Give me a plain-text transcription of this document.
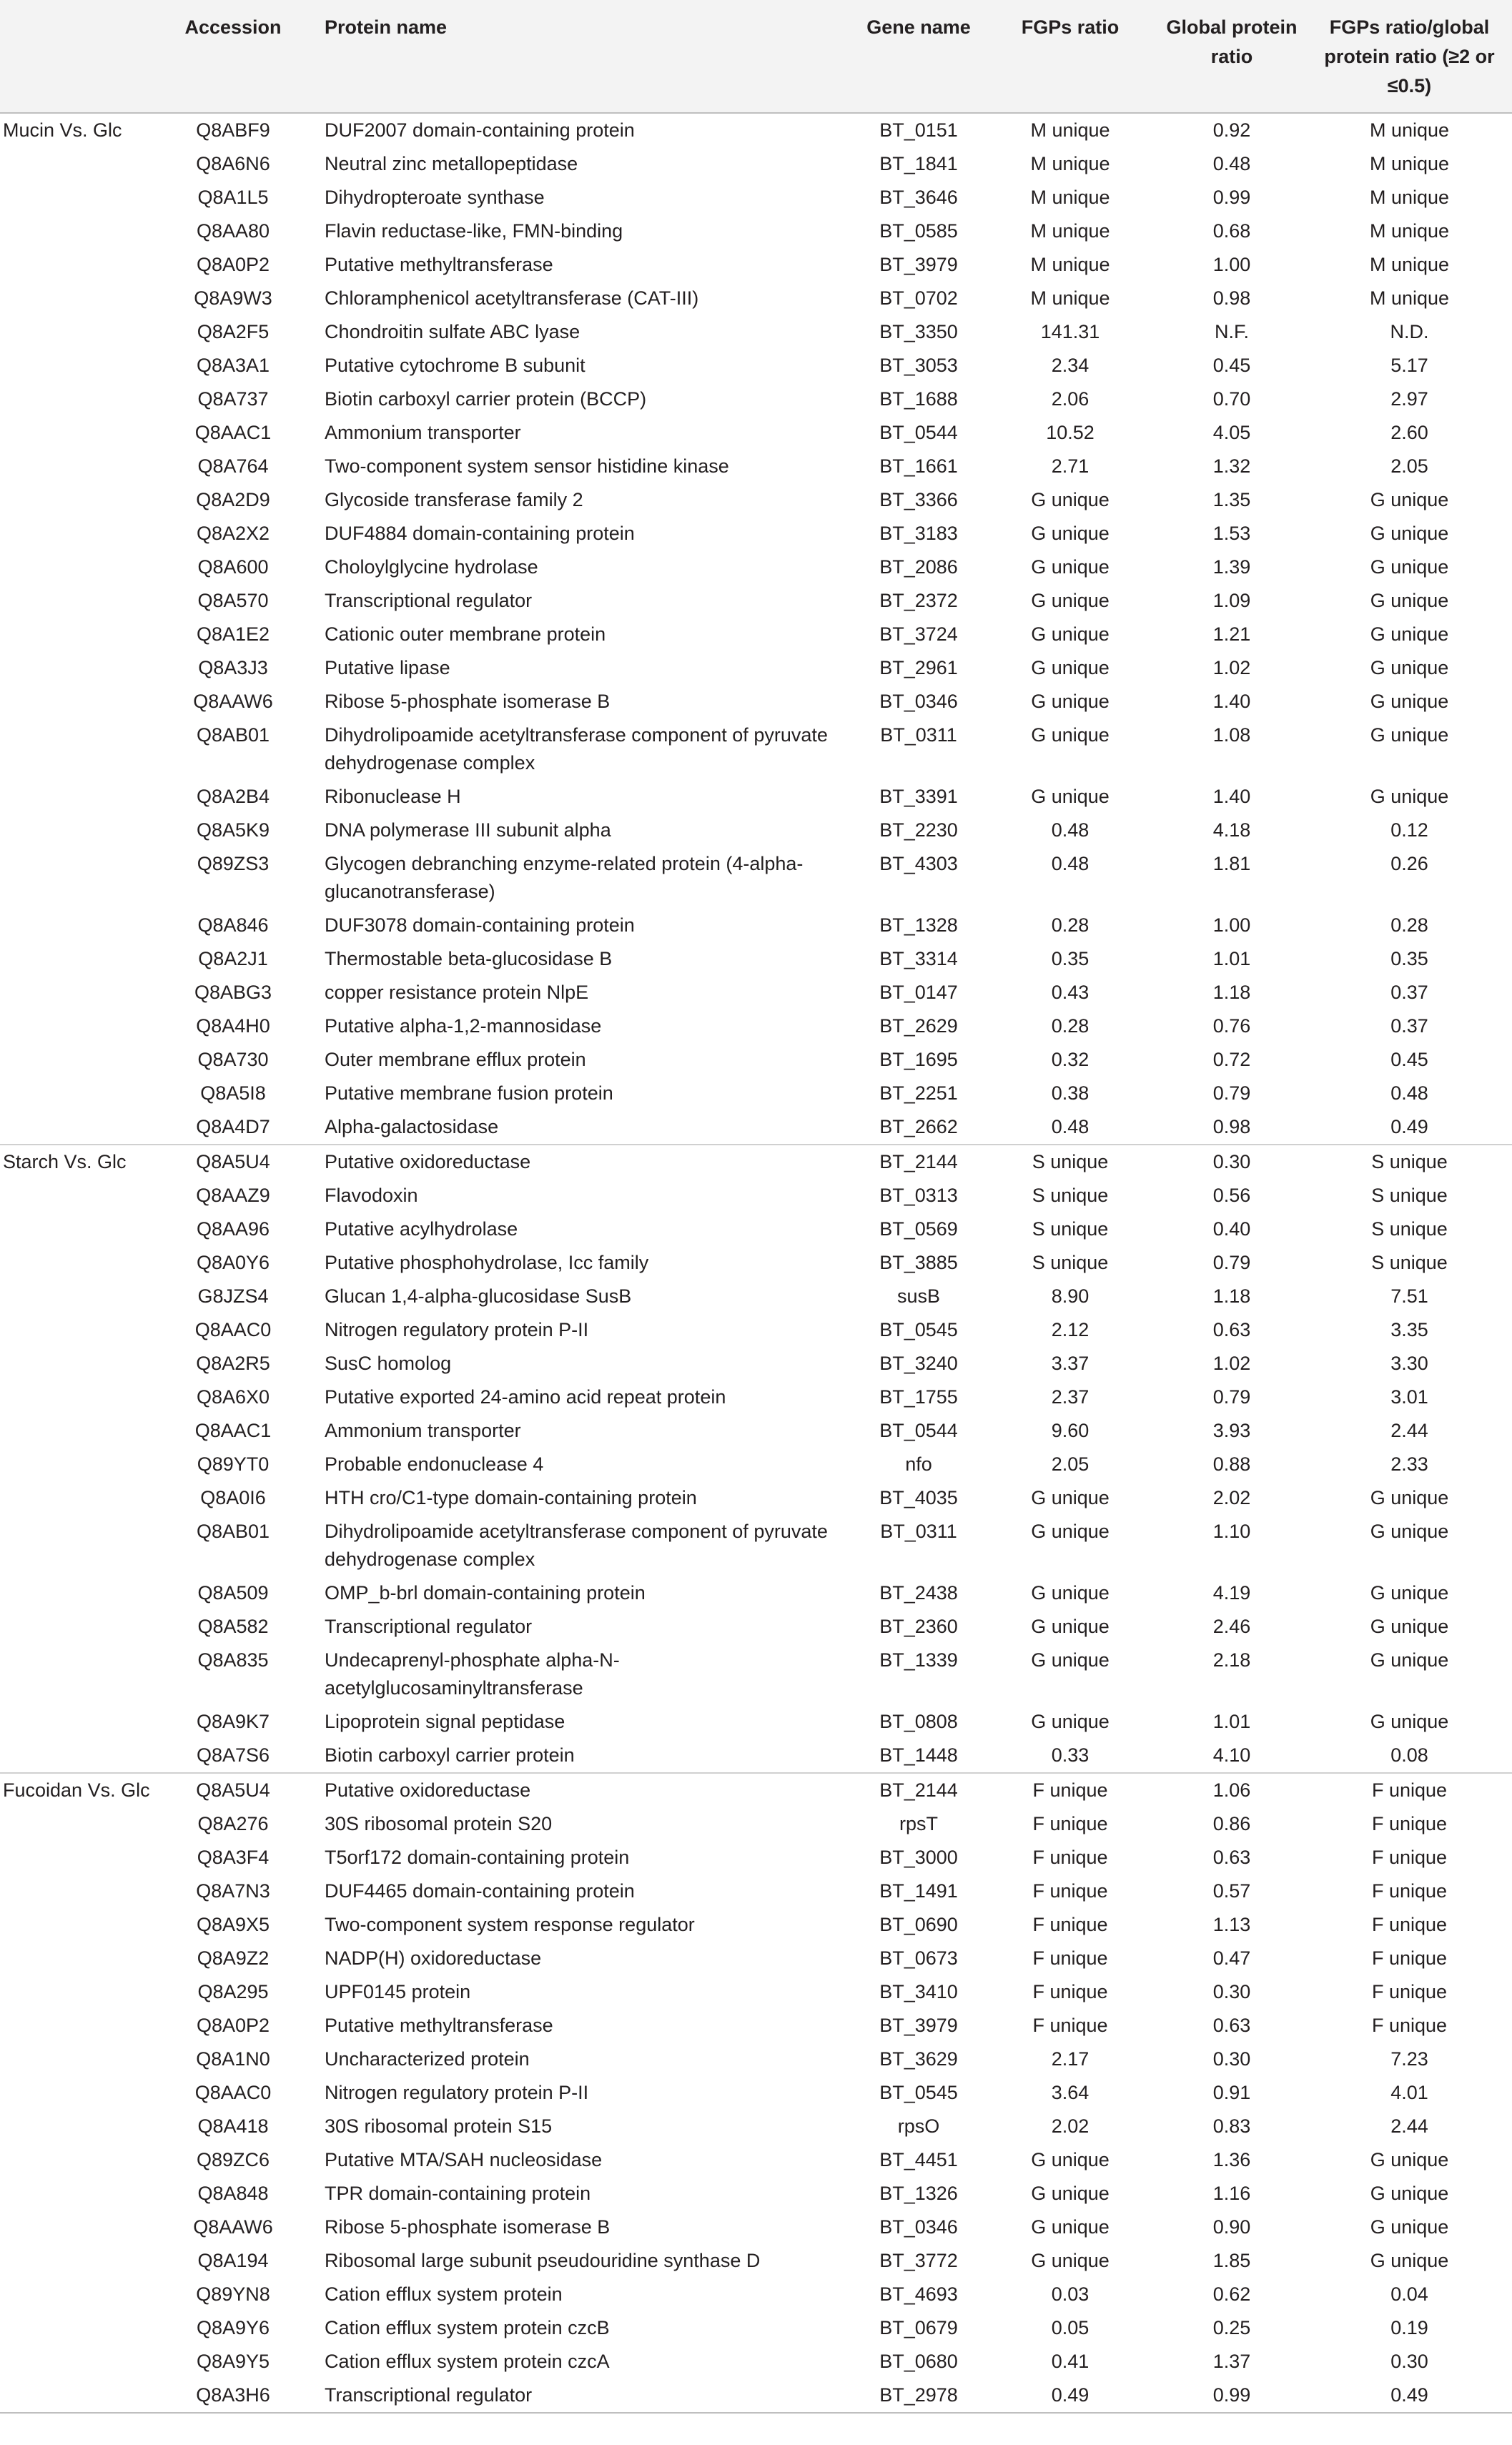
	Accession	Protein name	Gene name	FGPs ratio	Global protein ratio	FGPs ratio/global protein ratio (≥2 or ≤0.5)
Mucin Vs. Glc	Q8ABF9	DUF2007 domain-containing protein	BT_0151	M unique	0.92	M unique
	Q8A6N6	Neutral zinc metallopeptidase	BT_1841	M unique	0.48	M unique
	Q8A1L5	Dihydropteroate synthase	BT_3646	M unique	0.99	M unique
	Q8AA80	Flavin reductase-like, FMN-binding	BT_0585	M unique	0.68	M unique
	Q8A0P2	Putative methyltransferase	BT_3979	M unique	1.00	M unique
	Q8A9W3	Chloramphenicol acetyltransferase (CAT-III)	BT_0702	M unique	0.98	M unique
	Q8A2F5	Chondroitin sulfate ABC lyase	BT_3350	141.31	N.F.	N.D.
	Q8A3A1	Putative cytochrome B subunit	BT_3053	2.34	0.45	5.17
	Q8A737	Biotin carboxyl carrier protein (BCCP)	BT_1688	2.06	0.70	2.97
	Q8AAC1	Ammonium transporter	BT_0544	10.52	4.05	2.60
	Q8A764	Two-component system sensor histidine kinase	BT_1661	2.71	1.32	2.05
	Q8A2D9	Glycoside transferase family 2	BT_3366	G unique	1.35	G unique
	Q8A2X2	DUF4884 domain-containing protein	BT_3183	G unique	1.53	G unique
	Q8A600	Choloylglycine hydrolase	BT_2086	G unique	1.39	G unique
	Q8A570	Transcriptional regulator	BT_2372	G unique	1.09	G unique
	Q8A1E2	Cationic outer membrane protein	BT_3724	G unique	1.21	G unique
	Q8A3J3	Putative lipase	BT_2961	G unique	1.02	G unique
	Q8AAW6	Ribose 5-phosphate isomerase B	BT_0346	G unique	1.40	G unique
	Q8AB01	Dihydrolipoamide acetyltransferase component of pyruvate dehydrogenase complex	BT_0311	G unique	1.08	G unique
	Q8A2B4	Ribonuclease H	BT_3391	G unique	1.40	G unique
	Q8A5K9	DNA polymerase III subunit alpha	BT_2230	0.48	4.18	0.12
	Q89ZS3	Glycogen debranching enzyme-related protein (4-alpha-glucanotransferase)	BT_4303	0.48	1.81	0.26
	Q8A846	DUF3078 domain-containing protein	BT_1328	0.28	1.00	0.28
	Q8A2J1	Thermostable beta-glucosidase B	BT_3314	0.35	1.01	0.35
	Q8ABG3	copper resistance protein NlpE	BT_0147	0.43	1.18	0.37
	Q8A4H0	Putative alpha-1,2-mannosidase	BT_2629	0.28	0.76	0.37
	Q8A730	Outer membrane efflux protein	BT_1695	0.32	0.72	0.45
	Q8A5I8	Putative membrane fusion protein	BT_2251	0.38	0.79	0.48
	Q8A4D7	Alpha-galactosidase	BT_2662	0.48	0.98	0.49
Starch Vs. Glc	Q8A5U4	Putative oxidoreductase	BT_2144	S unique	0.30	S unique
	Q8AAZ9	Flavodoxin	BT_0313	S unique	0.56	S unique
	Q8AA96	Putative acylhydrolase	BT_0569	S unique	0.40	S unique
	Q8A0Y6	Putative phosphohydrolase, Icc family	BT_3885	S unique	0.79	S unique
	G8JZS4	Glucan 1,4-alpha-glucosidase SusB	susB	8.90	1.18	7.51
	Q8AAC0	Nitrogen regulatory protein P-II	BT_0545	2.12	0.63	3.35
	Q8A2R5	SusC homolog	BT_3240	3.37	1.02	3.30
	Q8A6X0	Putative exported 24-amino acid repeat protein	BT_1755	2.37	0.79	3.01
	Q8AAC1	Ammonium transporter	BT_0544	9.60	3.93	2.44
	Q89YT0	Probable endonuclease 4	nfo	2.05	0.88	2.33
	Q8A0I6	HTH cro/C1-type domain-containing protein	BT_4035	G unique	2.02	G unique
	Q8AB01	Dihydrolipoamide acetyltransferase component of pyruvate dehydrogenase complex	BT_0311	G unique	1.10	G unique
	Q8A509	OMP_b-brl domain-containing protein	BT_2438	G unique	4.19	G unique
	Q8A582	Transcriptional regulator	BT_2360	G unique	2.46	G unique
	Q8A835	Undecaprenyl-phosphate alpha-N-acetylglucosaminyltransferase	BT_1339	G unique	2.18	G unique
	Q8A9K7	Lipoprotein signal peptidase	BT_0808	G unique	1.01	G unique
	Q8A7S6	Biotin carboxyl carrier protein	BT_1448	0.33	4.10	0.08
Fucoidan Vs. Glc	Q8A5U4	Putative oxidoreductase	BT_2144	F unique	1.06	F unique
	Q8A276	30S ribosomal protein S20	rpsT	F unique	0.86	F unique
	Q8A3F4	T5orf172 domain-containing protein	BT_3000	F unique	0.63	F unique
	Q8A7N3	DUF4465 domain-containing protein	BT_1491	F unique	0.57	F unique
	Q8A9X5	Two-component system response regulator	BT_0690	F unique	1.13	F unique
	Q8A9Z2	NADP(H) oxidoreductase	BT_0673	F unique	0.47	F unique
	Q8A295	UPF0145 protein	BT_3410	F unique	0.30	F unique
	Q8A0P2	Putative methyltransferase	BT_3979	F unique	0.63	F unique
	Q8A1N0	Uncharacterized protein	BT_3629	2.17	0.30	7.23
	Q8AAC0	Nitrogen regulatory protein P-II	BT_0545	3.64	0.91	4.01
	Q8A418	30S ribosomal protein S15	rpsO	2.02	0.83	2.44
	Q89ZC6	Putative MTA/SAH nucleosidase	BT_4451	G unique	1.36	G unique
	Q8A848	TPR domain-containing protein	BT_1326	G unique	1.16	G unique
	Q8AAW6	Ribose 5-phosphate isomerase B	BT_0346	G unique	0.90	G unique
	Q8A194	Ribosomal large subunit pseudouridine synthase D	BT_3772	G unique	1.85	G unique
	Q89YN8	Cation efflux system protein	BT_4693	0.03	0.62	0.04
	Q8A9Y6	Cation efflux system protein czcB	BT_0679	0.05	0.25	0.19
	Q8A9Y5	Cation efflux system protein czcA	BT_0680	0.41	1.37	0.30
	Q8A3H6	Transcriptional regulator	BT_2978	0.49	0.99	0.49
